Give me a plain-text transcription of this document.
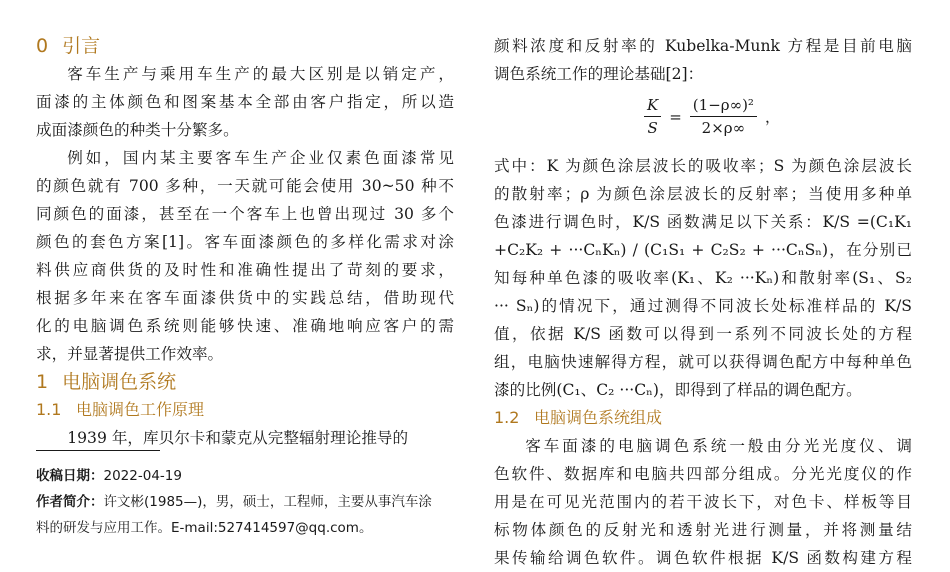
0 引言
客车生产与乘用车生产的最大区别是以销定产，
面漆的主体颜色和图案基本全部由客户指定，所以造
成面漆颜色的种类十分繁多。
例如，国内某主要客车生产企业仅素色面漆常见
的颜色就有 700 多种，一天就可能会使用 30~50 种不
同颜色的面漆，甚至在一个客车上也曾出现过 30 多个
颜色的套色方案[1]。客车面漆颜色的多样化需求对涂
料供应商供货的及时性和准确性提出了苛刻的要求，
根据多年来在客车面漆供货中的实践总结，借助现代
化的电脑调色系统则能够快速、准确地响应客户的需
求，并显著提供工作效率。
1 电脑调色系统
1.1 电脑调色工作原理
1939 年，库贝尔卡和蒙克从完整辐射理论推导的
收稿日期：2022-04-19
作者简介：许文彬(1985—)，男，硕士，工程师，主要从事汽车涂
料的研发与应用工作。E-mail:527414597@qq.com。
颜料浓度和反射率的 Kubelka-Munk 方程是目前电脑
调色系统工作的理论基础[2]：
$\frac{K}{S} = \frac{\text{(1−ρ∞)²}}{2\times\rho\infty}$ ，
式中：K 为颜色涂层波长的吸收率；S 为颜色涂层波长
的散射率；ρ 为颜色涂层波长的反射率；当使用多种单
色漆进行调色时，K/S 函数满足以下关系：K/S =(C₁K₁
+C₂K₂ + ···CₙKₙ) / (C₁S₁ + C₂S₂ + ···CₙSₙ)，在分别已
知每种单色漆的吸收率(K₁、K₂ ···Kₙ)和散射率(S₁、S₂
··· Sₙ)的情况下，通过测得不同波长处标准样品的 K/S
值，依据 K/S 函数可以得到一系列不同波长处的方程
组，电脑快速解得方程，就可以获得调色配方中每种单色
漆的比例(C₁、C₂ ···Cₙ)，即得到了样品的调色配方。
1.2 电脑调色系统组成
客车面漆的电脑调色系统一般由分光光度仪、调
色软件、数据库和电脑共四部分组成。分光光度仪的作
用是在可见光范围内的若干波长下，对色卡、样板等目
标物体颜色的反射光和透射光进行测量，并将测量结
果传输给调色软件。调色软件根据 K/S 函数构建方程
